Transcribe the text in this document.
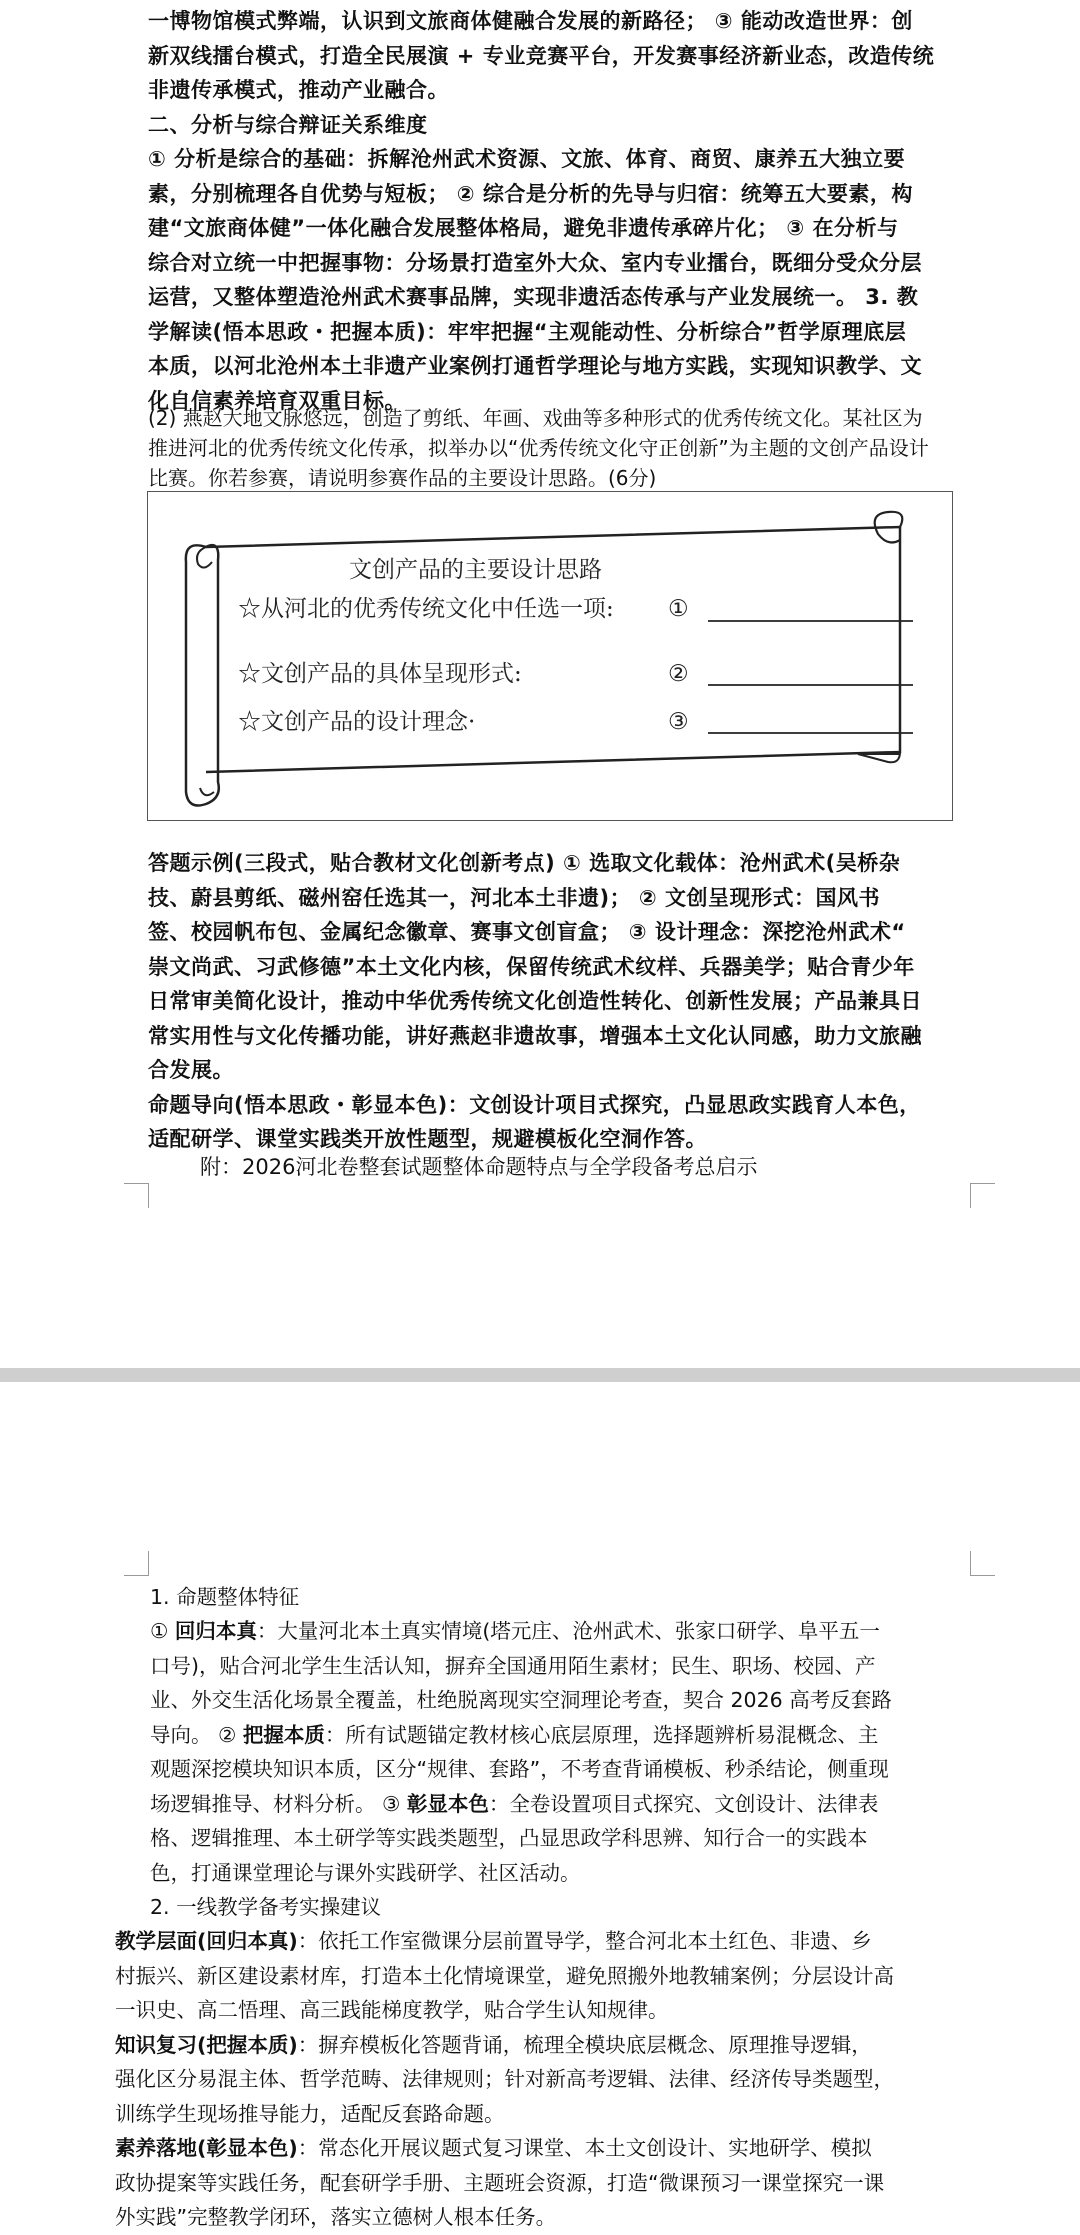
一博物馆模式弊端，认识到文旅商体健融合发展的新路径； ③ 能动改造世界：创

新双线擂台模式，打造全民展演 + 专业竞赛平台，开发赛事经济新业态，改造传统

非遗传承模式，推动产业融合。

二、分析与综合辩证关系维度

① 分析是综合的基础：拆解沧州武术资源、文旅、体育、商贸、康养五大独立要

素，分别梳理各自优势与短板； ② 综合是分析的先导与归宿：统筹五大要素，构

建“文旅商体健”一体化融合发展整体格局，避免非遗传承碎片化； ③ 在分析与

综合对立统一中把握事物：分场景打造室外大众、室内专业擂台，既细分受众分层

运营，又整体塑造沧州武术赛事品牌，实现非遗活态传承与产业发展统一。 3. 教

学解读(悟本思政・把握本质)：牢牢把握“主观能动性、分析综合”哲学原理底层

本质，以河北沧州本土非遗产业案例打通哲学理论与地方实践，实现知识教学、文

化自信素养培育双重目标。

(2) 燕赵大地文脉悠远，创造了剪纸、年画、戏曲等多种形式的优秀传统文化。某社区为

推进河北的优秀传统文化传承，拟举办以“优秀传统文化守正创新”为主题的文创产品设计

比赛。你若参赛，请说明参赛作品的主要设计思路。(6分)

文创产品的主要设计思路
☆从河北的优秀传统文化中任选一项: ①
☆文创产品的具体呈现形式:	②
☆文创产品的设计理念·	③

答题示例(三段式，贴合教材文化创新考点) ① 选取文化载体：沧州武术(吴桥杂

技、蔚县剪纸、磁州窑任选其一，河北本土非遗)； ② 文创呈现形式：国风书

签、校园帆布包、金属纪念徽章、赛事文创盲盒； ③ 设计理念：深挖沧州武术“

崇文尚武、习武修德”本土文化内核，保留传统武术纹样、兵器美学；贴合青少年

日常审美简化设计，推动中华优秀传统文化创造性转化、创新性发展；产品兼具日

常实用性与文化传播功能，讲好燕赵非遗故事，增强本土文化认同感，助力文旅融

合发展。

命题导向(悟本思政・彰显本色)：文创设计项目式探究，凸显思政实践育人本色，

适配研学、课堂实践类开放性题型，规避模板化空洞作答。

附：2026河北卷整套试题整体命题特点与全学段备考总启示

1. 命题整体特征

① 回归本真：大量河北本土真实情境(塔元庄、沧州武术、张家口研学、阜平五一

口号)，贴合河北学生生活认知，摒弃全国通用陌生素材；民生、职场、校园、产

业、外交生活化场景全覆盖，杜绝脱离现实空洞理论考查，契合 2026 高考反套路

导向。 ② 把握本质：所有试题锚定教材核心底层原理，选择题辨析易混概念、主

观题深挖模块知识本质，区分“规律、套路”，不考查背诵模板、秒杀结论，侧重现

场逻辑推导、材料分析。 ③ 彰显本色：全卷设置项目式探究、文创设计、法律表

格、逻辑推理、本土研学等实践类题型，凸显思政学科思辨、知行合一的实践本

色，打通课堂理论与课外实践研学、社区活动。

2. 一线教学备考实操建议

教学层面(回归本真)：依托工作室微课分层前置导学，整合河北本土红色、非遗、乡

村振兴、新区建设素材库，打造本土化情境课堂，避免照搬外地教辅案例；分层设计高

一识史、高二悟理、高三践能梯度教学，贴合学生认知规律。

知识复习(把握本质)：摒弃模板化答题背诵，梳理全模块底层概念、原理推导逻辑，

强化区分易混主体、哲学范畴、法律规则；针对新高考逻辑、法律、经济传导类题型，

训练学生现场推导能力，适配反套路命题。

素养落地(彰显本色)：常态化开展议题式复习课堂、本土文创设计、实地研学、模拟

政协提案等实践任务，配套研学手册、主题班会资源，打造“微课预习一课堂探究一课

外实践”完整教学闭环，落实立德树人根本任务。
